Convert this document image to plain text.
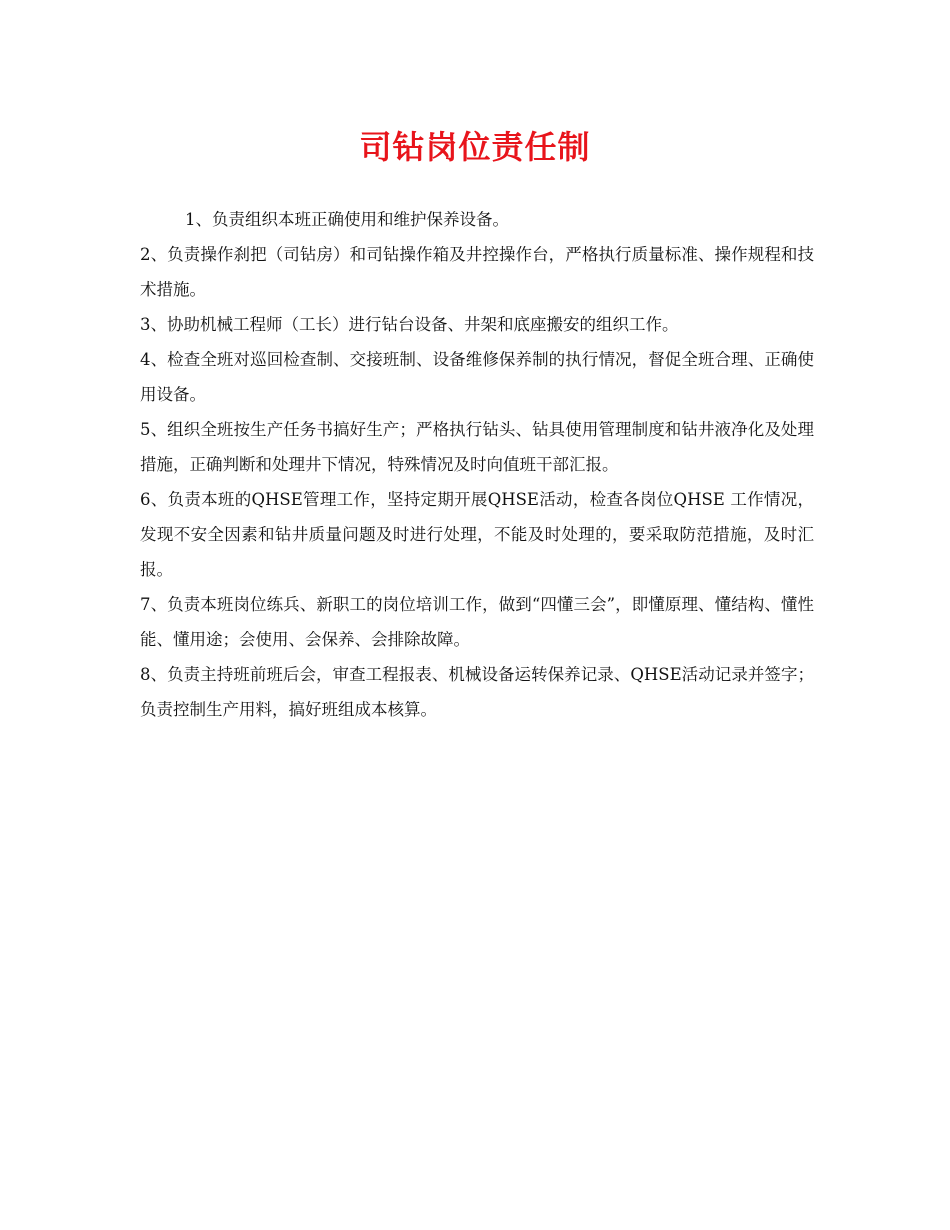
司钻岗位责任制

1、负责组织本班正确使用和维护保养设备。

2、负责操作刹把（司钻房）和司钻操作箱及井控操作台，严格执行质量标准、操作规程和技术措施。

3、协助机械工程师（工长）进行钻台设备、井架和底座搬安的组织工作。

4、检查全班对巡回检查制、交接班制、设备维修保养制的执行情况，督促全班合理、正确使用设备。

5、组织全班按生产任务书搞好生产；严格执行钻头、钻具使用管理制度和钻井液净化及处理措施，正确判断和处理井下情况，特殊情况及时向值班干部汇报。

6、负责本班的QHSE管理工作，坚持定期开展QHSE活动，检查各岗位QHSE 工作情况，发现不安全因素和钻井质量问题及时进行处理，不能及时处理的，要采取防范措施，及时汇报。

7、负责本班岗位练兵、新职工的岗位培训工作，做到“四懂三会”，即懂原理、懂结构、懂性能、懂用途；会使用、会保养、会排除故障。

8、负责主持班前班后会，审查工程报表、机械设备运转保养记录、QHSE活动记录并签字；负责控制生产用料，搞好班组成本核算。
